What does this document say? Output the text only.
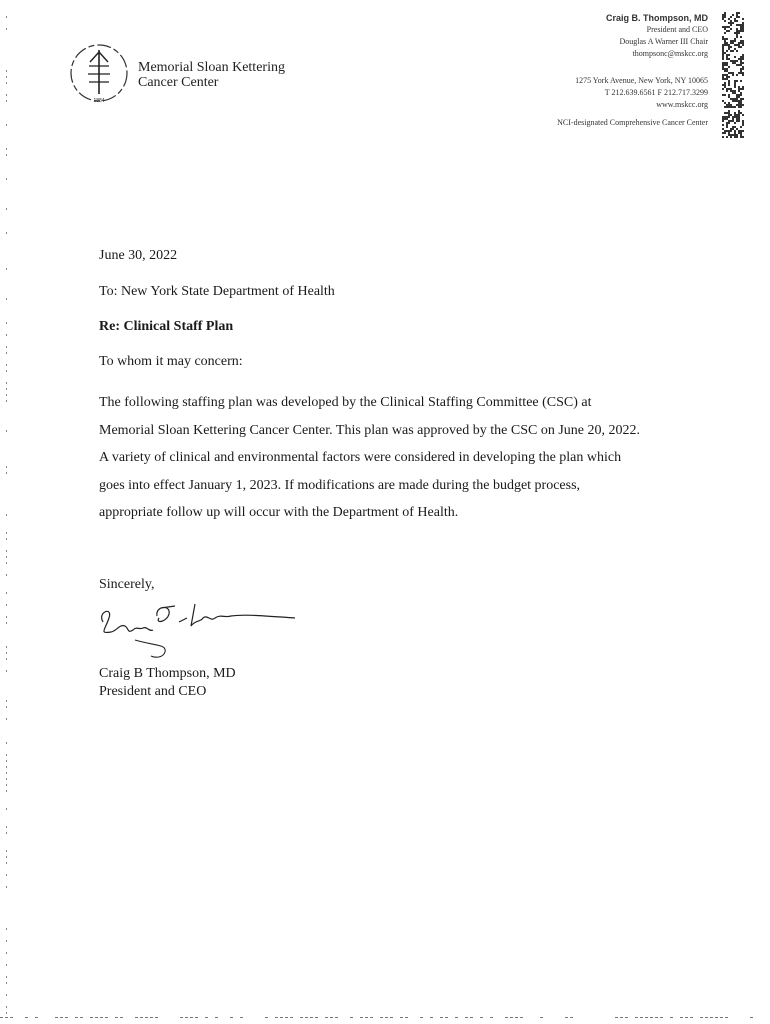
1884
Memorial Sloan Kettering
Cancer Center
Craig B. Thompson, MD
President and CEO
Douglas A Warner III Chair
thompsonc@mskcc.org
1275 York Avenue, New York, NY 10065
T 212.639.6561 F 212.717.3299
www.mskcc.org
NCI-designated Comprehensive Cancer Center
June 30, 2022
To: New York State Department of Health
Re: Clinical Staff Plan
To whom it may concern:
The following staffing plan was developed by the Clinical Staffing Committee (CSC) at
Memorial Sloan Kettering Cancer Center. This plan was approved by the CSC on June 20, 2022.
A variety of clinical and environmental factors were considered in developing the plan which
goes into effect January 1, 2023. If modifications are made during the budget process,
appropriate follow up will occur with the Department of Health.
Sincerely,
Craig B Thompson, MD
President and CEO
